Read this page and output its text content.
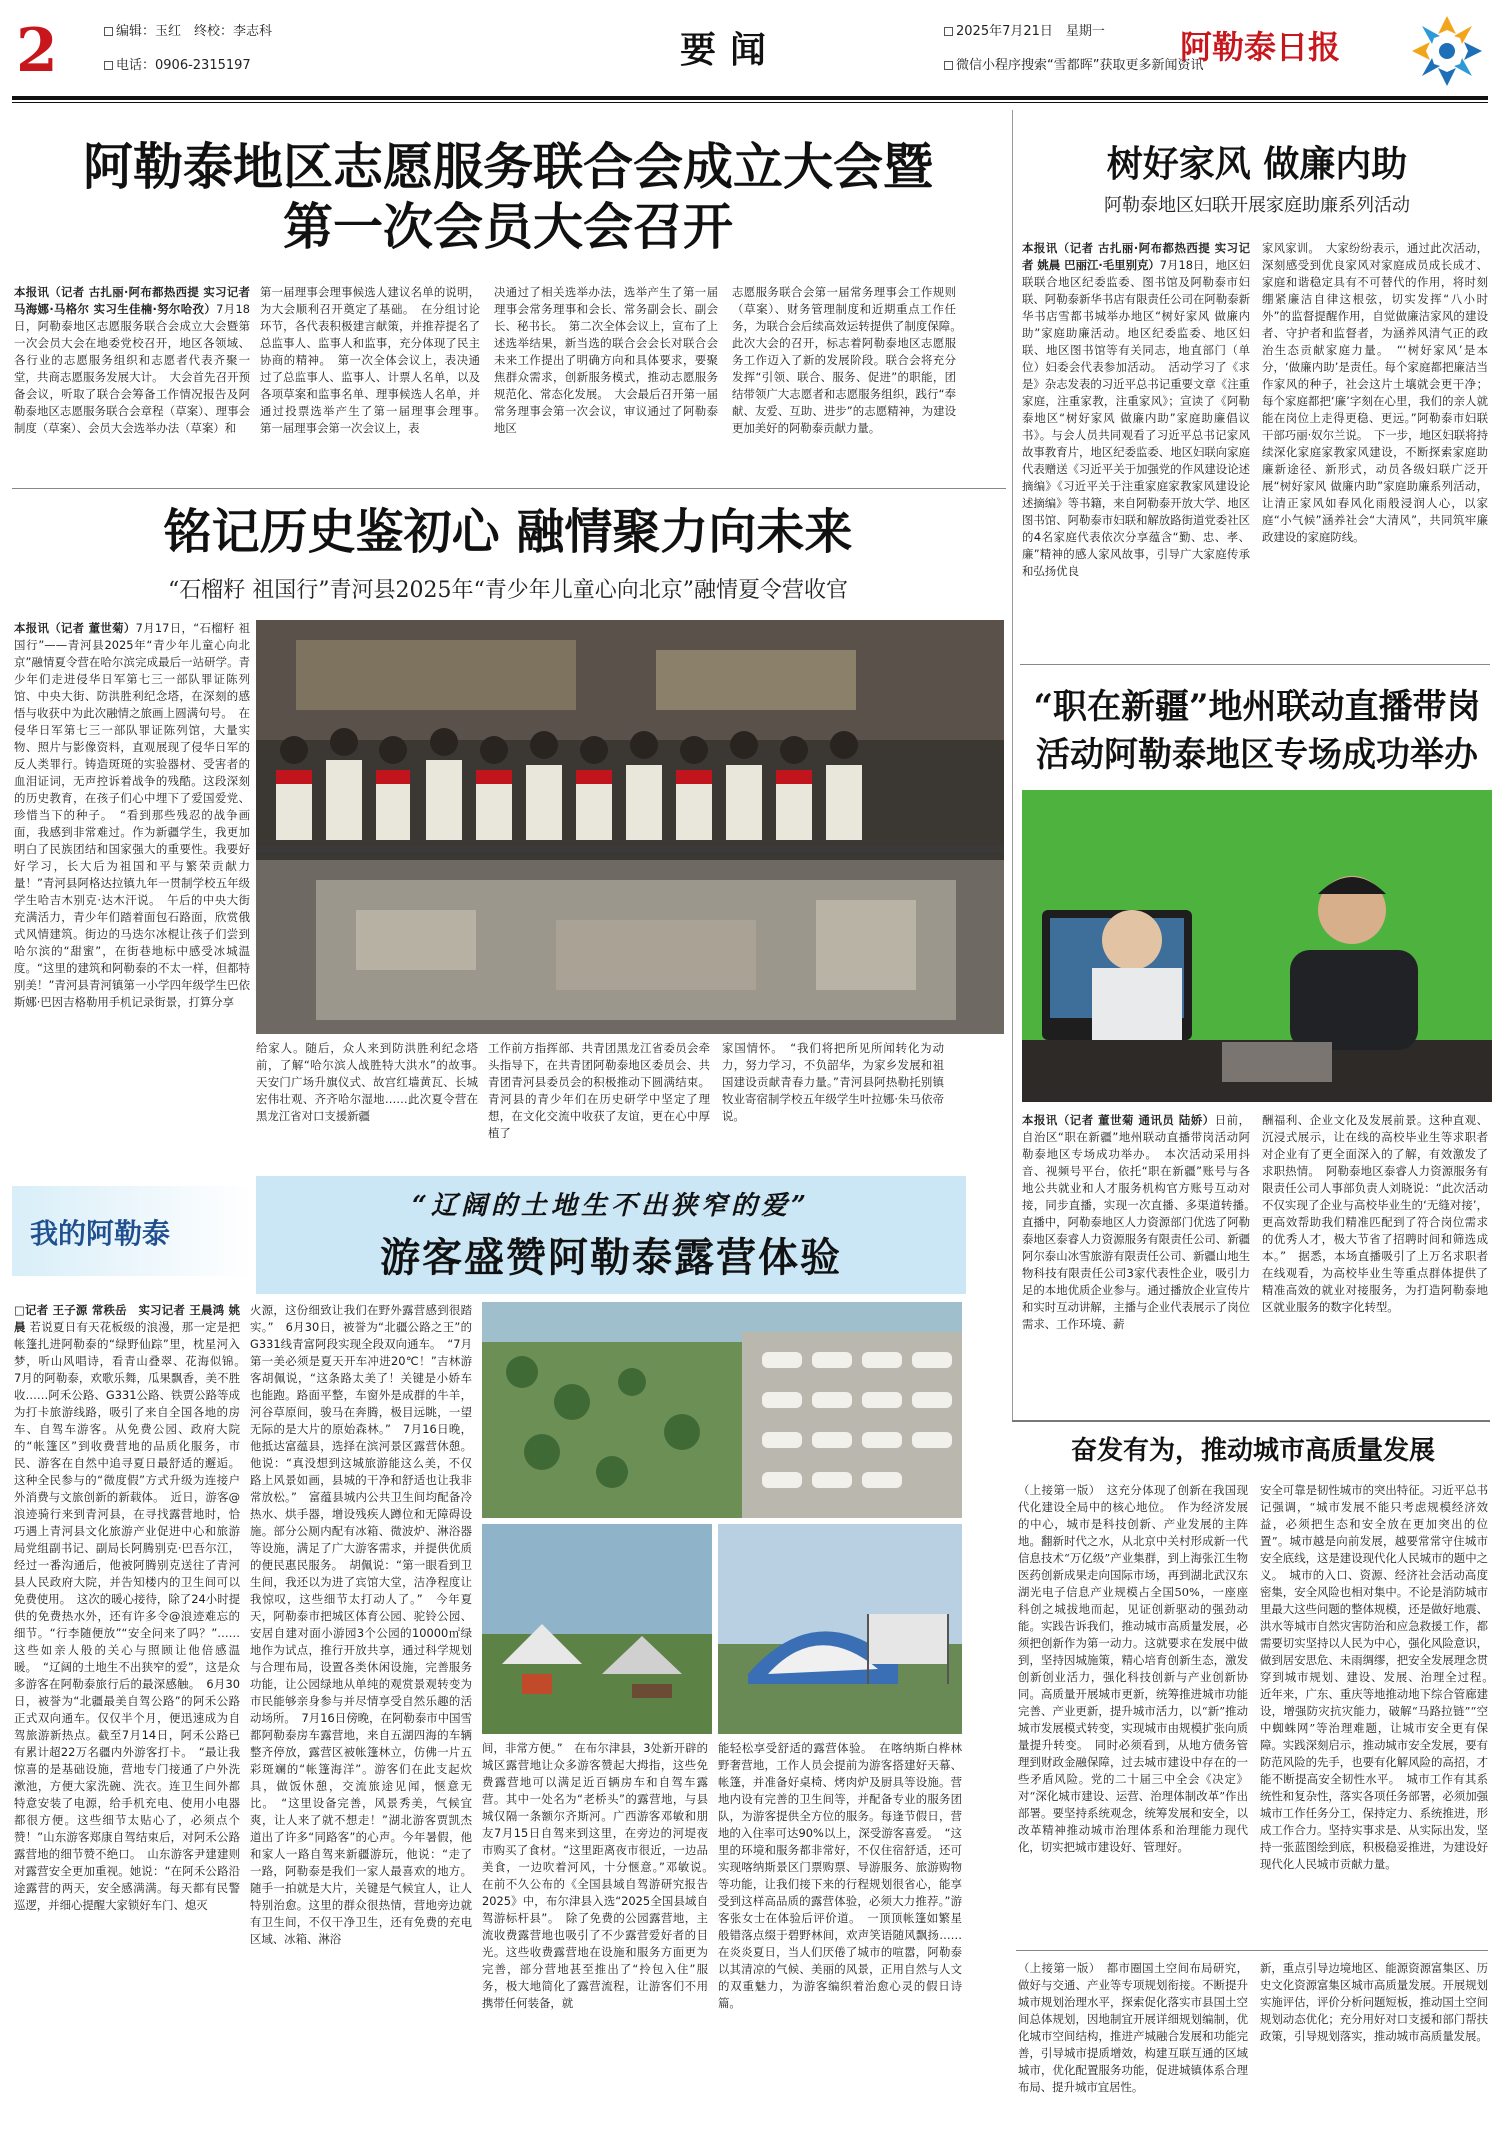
2	编辑：玉红　终校：李志科
电话：0906-2315197	要闻	2025年7月21日　星期一
微信小程序搜索“雪都晖”获取更多新闻资讯
阿勒泰日报
阿勒泰地区志愿服务联合会成立大会暨
第一次会员大会召开
本报讯（记者 古扎丽·阿布都热西提 实习记者 马海娜·马格尔 实习生佳楠·努尔哈孜）7月18日，阿勒泰地区志愿服务联合会成立大会暨第一次会员大会在地委党校召开，地区各领域、各行业的志愿服务组织和志愿者代表齐聚一堂，共商志愿服务发展大计。　大会首先召开预备会议，听取了联合会筹备工作情况报告及阿勒泰地区志愿服务联合会章程（草案）、理事会制度（草案）、会员大会选举办法（草案）和
第一届理事会理事候选人建议名单的说明，为大会顺利召开奠定了基础。　在分组讨论环节，各代表积极建言献策，并推荐提名了总监事人、监事人和监事，充分体现了民主协商的精神。　第一次全体会议上，表决通过了总监事人、监事人、计票人名单，以及各项草案和监事名单、理事候选人名单，并通过投票选举产生了第一届理事会理事。　第一届理事会第一次会议上，表
决通过了相关选举办法，选举产生了第一届理事会常务理事和会长、常务副会长、副会长、秘书长。　第二次全体会议上，宣布了上述选举结果，新当选的联合会会长对联合会未来工作提出了明确方向和具体要求，要聚焦群众需求，创新服务模式，推动志愿服务规范化、常态化发展。　大会最后召开第一届常务理事会第一次会议，审议通过了阿勒泰地区
志愿服务联合会第一届常务理事会工作规则（草案）、财务管理制度和近期重点工作任务，为联合会后续高效运转提供了制度保障。　此次大会的召开，标志着阿勒泰地区志愿服务工作迈入了新的发展阶段。联合会将充分发挥“引领、联合、服务、促进”的职能，团结带领广大志愿者和志愿服务组织，践行“奉献、友爱、互助、进步”的志愿精神，为建设更加美好的阿勒泰贡献力量。
铭记历史鉴初心 融情聚力向未来
“石榴籽 祖国行”青河县2025年“青少年儿童心向北京”融情夏令营收官
本报讯（记者 董世菊）7月17日，“石榴籽 祖国行”——青河县2025年“青少年儿童心向北京”融情夏令营在哈尔滨完成最后一站研学。青少年们走进侵华日军第七三一部队罪证陈列馆、中央大街、防洪胜利纪念塔，在深刻的感悟与收获中为此次融情之旅画上圆满句号。　在侵华日军第七三一部队罪证陈列馆，大量实物、照片与影像资料，直观展现了侵华日军的反人类罪行。铸造斑斑的实验器材、受害者的血泪证词，无声控诉着战争的残酷。这段深刻的历史教育，在孩子们心中埋下了爱国爱党、珍惜当下的种子。　“看到那些残忍的战争画面，我感到非常难过。作为新疆学生，我更加明白了民族团结和国家强大的重要性。我要好好学习，长大后为祖国和平与繁荣贡献力量！”青河县阿格达拉镇九年一贯制学校五年级学生哈吉木别克·达木汗说。　午后的中央大街充满活力，青少年们踏着面包石路面，欣赏俄式风情建筑。街边的马迭尔冰棍让孩子们尝到哈尔滨的“甜蜜”，在街巷地标中感受冰城温度。“这里的建筑和阿勒泰的不太一样，但都特别美！”青河县青河镇第一小学四年级学生巴依斯娜·巴因吉格勒用手机记录街景，打算分享
给家人。随后，众人来到防洪胜利纪念塔前，了解“哈尔滨人战胜特大洪水”的故事。　天安门广场升旗仪式、故宫红墙黄瓦、长城宏伟壮观、齐齐哈尔湿地……此次夏令营在黑龙江省对口支援新疆
工作前方指挥部、共青团黑龙江省委员会牵头指导下，在共青团阿勒泰地区委员会、共青团青河县委员会的积极推动下圆满结束。青河县的青少年们在历史研学中坚定了理想，在文化交流中收获了友谊，更在心中厚植了
家国情怀。　“我们将把所见所闻转化为动力，努力学习，不负韶华，为家乡发展和祖国建设贡献青春力量。”青河县阿热勒托别镇牧业寄宿制学校五年级学生叶拉娜·朱马依帝说。
树好家风 做廉内助
阿勒泰地区妇联开展家庭助廉系列活动
本报讯（记者 古扎丽·阿布都热西提 实习记者 姚晨 巴丽江·毛里别克）7月18日，地区妇联联合地区纪委监委、图书馆及阿勒泰市妇联、阿勒泰新华书店有限责任公司在阿勒泰新华书店雪都书城举办地区“树好家风 做廉内助”家庭助廉活动。地区纪委监委、地区妇联、地区图书馆等有关同志，地直部门（单位）妇委会代表参加活动。　活动学习了《求是》杂志发表的习近平总书记重要文章《注重家庭，注重家教，注重家风》；宣读了《阿勒泰地区“树好家风 做廉内助”家庭助廉倡议书》。与会人员共同观看了习近平总书记家风故事教育片，地区纪委监委、地区妇联向家庭代表赠送《习近平关于加强党的作风建设论述摘编》《习近平关于注重家庭家教家风建设论述摘编》等书籍，来自阿勒泰开放大学、地区图书馆、阿勒泰市妇联和解放路街道党委社区的4名家庭代表依次分享蕴含“勤、忠、孝、廉”精神的感人家风故事，引导广大家庭传承和弘扬优良
家风家训。　大家纷纷表示，通过此次活动，深刻感受到优良家风对家庭成员成长成才、家庭和谐稳定具有不可替代的作用，将时刻绷紧廉洁自律这根弦，切实发挥“八小时外”的监督提醒作用，自觉做廉洁家风的建设者、守护者和监督者，为涵养风清气正的政治生态贡献家庭力量。　“‘树好家风’是本分，‘做廉内助’是责任。每个家庭都把廉洁当作家风的种子，社会这片土壤就会更干净；每个家庭都把‘廉’字刻在心里，我们的亲人就能在岗位上走得更稳、更远。”阿勒泰市妇联干部巧丽·奴尔兰说。　下一步，地区妇联将持续深化家庭家教家风建设，不断探索家庭助廉新途径、新形式，动员各级妇联广泛开展“树好家风 做廉内助”家庭助廉系列活动，让清正家风如春风化雨般浸润人心，以家庭“小气候”涵养社会“大清风”，共同筑牢廉政建设的家庭防线。
“职在新疆”地州联动直播带岗
活动阿勒泰地区专场成功举办
本报讯（记者 董世菊 通讯员 陆娇）日前，自治区“职在新疆”地州联动直播带岗活动阿勒泰地区专场成功举办。　本次活动采用抖音、视频号平台，依托“职在新疆”账号与各地公共就业和人才服务机构官方账号互动对接，同步直播，实现一次直播、多渠道转播。　直播中，阿勒泰地区人力资源部门优选了阿勒泰地区泰睿人力资源服务有限责任公司、新疆阿尔泰山冰雪旅游有限责任公司、新疆山地生物科技有限责任公司3家代表性企业，吸引力足的本地优质企业参与。通过播放企业宣传片和实时互动讲解，主播与企业代表展示了岗位需求、工作环境、薪
酬福利、企业文化及发展前景。这种直观、沉浸式展示，让在线的高校毕业生等求职者对企业有了更全面深入的了解，有效激发了求职热情。　阿勒泰地区泰睿人力资源服务有限责任公司人事部负责人刘晓说：“此次活动不仅实现了企业与高校毕业生的‘无缝对接’，更高效帮助我们精准匹配到了符合岗位需求的优秀人才，极大节省了招聘时间和筛选成本。”　据悉，本场直播吸引了上万名求职者在线观看，为高校毕业生等重点群体提供了精准高效的就业对接服务，为打造阿勒泰地区就业服务的数字化转型。
我的阿勒泰
“辽阔的土地生不出狭窄的爱”
游客盛赞阿勒泰露营体验
□记者 王子源 常秩岳　实习记者 王晨鸿 姚晨 若说夏日有天花板级的浪漫，那一定是把帐篷扎进阿勒泰的“绿野仙踪”里，枕星河入梦，听山风唱诗，看青山叠翠、花海似锦。　7月的阿勒泰，欢歌乐舞，瓜果飘香，美不胜收……阿禾公路、G331公路、铁贾公路等成为打卡旅游线路，吸引了来自全国各地的房车、自驾车游客。从免费公园、政府大院的“帐篷区”到收费营地的品质化服务，市民、游客在自然中追寻夏日最舒适的邂逅。这种全民参与的“微度假”方式升级为连接户外消费与文旅创新的新载体。　近日，游客@浪迹骑行来到青河县，在寻找露营地时，恰巧遇上青河县文化旅游产业促进中心和旅游局党组副书记、副局长阿腾别克·巴吾尔江，经过一番沟通后，他被阿腾别克送往了青河县人民政府大院，并告知楼内的卫生间可以免费使用。　这次的暖心接待，除了24小时提供的免费热水外，还有许多令@浪迹难忘的细节。“行李随便放”“安全问来了吗？”……这些如亲人般的关心与照顾让他倍感温暖。　“辽阔的土地生不出狭窄的爱”，这是众多游客在阿勒泰旅行后的最深感触。　6月30日，被誉为“北疆最美自驾公路”的阿禾公路正式双向通车。仅仅半个月，便迅速成为自驾旅游新热点。截至7月14日，阿禾公路已有累计超22万名疆内外游客打卡。　“最让我惊喜的是基础设施，营地专门接通了户外洗漱池，方便大家洗碗、洗衣。连卫生间外都特意安装了电源，给手机充电、使用小电器都很方便。这些细节太贴心了，必须点个赞！”山东游客郑康自驾结束后，对阿禾公路露营地的细节赞不绝口。　山东游客尹建建则对露营安全更加重视。她说：“在阿禾公路沿途露营的两天，安全感满满。每天都有民警巡逻，并细心提醒大家锁好车门、熄灭
火源，这份细致让我们在野外露营感到很踏实。”　6月30日，被誉为“北疆公路之王”的G331线青富阿段实现全段双向通车。　“7月第一美必须是夏天开车冲进20℃！”吉林游客胡佩说，“这条路太美了！关键是小娇车也能跑。路面平整，车窗外是成群的牛羊，河谷草原间，骏马在奔腾，极目远眺，一望无际的是大片的原始森林。”　7月16日晚，他抵达富蕴县，选择在滨河景区露营休憩。他说：“真没想到这城旅游能这么美，不仅路上风景如画，县城的干净和舒适也让我非常放松。”　富蕴县城内公共卫生间均配备冷热水、烘手器，增设残疾人蹲位和无障碍设施。部分公厕内配有冰箱、微波炉、淋浴器等设施，满足了广大游客需求，并提供优质的便民惠民服务。　胡佩说：“第一眼看到卫生间，我还以为进了宾馆大堂，洁净程度让我惊叹，这些细节太打动人了。”　今年夏天，阿勒泰市把城区体育公园、驼铃公园、安居自建对面小游园3个公园的10000㎡绿地作为试点，推行开放共享，通过科学规划与合理布局，设置各类休闲设施，完善服务功能，让公园绿地从单纯的观赏景观转变为市民能够亲身参与并尽情享受自然乐趣的活动场所。　7月16日傍晚，在阿勒泰市中国雪都阿勒泰房车露营地，来自五湖四海的车辆整齐停放，露营区被帐篷林立，仿佛一片五彩斑斓的“帐篷海洋”。游客们在此支起炊具，做饭休憩，交流旅途见闻，惬意无比。　“这里设备完善，风景秀美，气候宜爽，让人来了就不想走！”湖北游客贾凯杰道出了许多“同路客”的心声。今年暑假，他和家人一路自驾来新疆游玩，他说：“走了一路，阿勒泰是我们一家人最喜欢的地方。随手一拍就是大片，关键是气候宜人，让人特别治愈。这里的群众很热情，营地旁边就有卫生间，不仅干净卫生，还有免费的充电区域、冰箱、淋浴
间，非常方便。”　在布尔津县，3处新开辟的城区露营地让众多游客赞起大拇指，这些免费露营地可以满足近百辆房车和自驾车露营。其中一处名为“老桥头”的露营地，与县城仅隔一条额尔齐斯河。广西游客邓敏和朋友7月15日自驾来到这里，在旁边的河堤夜市购买了食材。“这里距离夜市很近，一边品美食，一边吹着河风，十分惬意。”邓敏说。　在前不久公布的《全国县域自驾游研究报告2025》中，布尔津县入选“2025全国县域自驾游标杆县”。　除了免费的公园露营地，主流收费露营地也吸引了不少露营爱好者的目光。这些收费露营地在设施和服务方面更为完善，部分营地甚至推出了“拎包入住”服务，极大地简化了露营流程，让游客们不用携带任何装备，就
能轻松享受舒适的露营体验。　在喀纳斯白桦林野奢营地，工作人员会提前为游客搭建好天幕、帐篷，并准备好桌椅、烤肉炉及厨具等设施。营地内设有完善的卫生间等，并配备专业的服务团队，为游客提供全方位的服务。每逢节假日，营地的入住率可达90%以上，深受游客喜爱。　“这里的环境和服务都非常好，不仅住宿舒适，还可实现喀纳斯景区门票购票、导游服务、旅游购物等功能，让我们接下来的行程规划很省心，能享受到这样高品质的露营体验，必须大力推荐。”游客张女士在体验后评价道。　一顶顶帐篷如繁星般错落点缀于碧野林间，欢声笑语随风飘扬……在炎炎夏日，当人们厌倦了城市的喧嚣，阿勒泰以其清凉的气候、美丽的风景，正用自然与人文的双重魅力，为游客编织着治愈心灵的假日诗篇。
奋发有为，推动城市高质量发展
（上接第一版）　这充分体现了创新在我国现代化建设全局中的核心地位。　作为经济发展的中心，城市是科技创新、产业发展的主阵地。翻新时代之水，从北京中关村形成新一代信息技术“万亿级”产业集群，到上海张江生物医药创新成果走向国际市场，再到湖北武汉东湖光电子信息产业规模占全国50%，一座座科创之城拔地而起，见证创新驱动的强劲动能。实践告诉我们，推动城市高质量发展，必须把创新作为第一动力。这就要求在发展中做到，坚持因城施策，精心培育创新生态，激发创新创业活力，强化科技创新与产业创新协同。高质量开展城市更新，统筹推进城市功能完善、产业更新，提升城市活力，以“新”推动城市发展模式转变，实现城市由规模扩张向质量提升转变。　同时必须看到，从地方债务管理到财政金融保障，过去城市建设中存在的一些矛盾风险。党的二十届三中全会《决定》对“深化城市建设、运营、治理体制改革”作出部署。要坚持系统观念，统筹发展和安全，以改革精神推动城市治理体系和治理能力现代化，切实把城市建设好、管理好。
安全可靠是韧性城市的突出特征。习近平总书记强调，“城市发展不能只考虑规模经济效益，必须把生态和安全放在更加突出的位置”。城市越是向前发展，越要常常守住城市安全底线，这是建设现代化人民城市的题中之义。　城市的入口、资源、经济社会活动高度密集，安全风险也相对集中。不论是消防城市里最大这些问题的整体规模，还是做好地震、洪水等城市自然灾害防治和应急救援工作，都需要切实坚持以人民为中心，强化风险意识，做到居安思危、未雨绸缪，把安全发展理念贯穿到城市规划、建设、发展、治理全过程。　近年来，广东、重庆等地推动地下综合管廊建设，增强防灾抗灾能力，破解“马路拉链”“空中蜘蛛网”等治理难题，让城市安全更有保障。实践深刻启示，推动城市安全发展，要有防范风险的先手，也要有化解风险的高招，才能不断提高安全韧性水平。　城市工作有其系统性和复杂性，落实各项任务部署，必须加强城市工作任务分工，保持定力、系统推进，形成工作合力。坚持实事求是、从实际出发，坚持一张蓝图绘到底，积极稳妥推进，为建设好现代化人民城市贡献力量。
（上接第一版）　都市圈国土空间布局研究，做好与交通、产业等专项规划衔接。不断提升城市规划治理水平，探索促化落实市县国土空间总体规划，因地制宜开展详细规划编制，优化城市空间结构，推进产城融合发展和功能完善，引导城市提质增效，构建互联互通的区域城市，优化配置服务功能，促进城镇体系合理布局、提升城市宜居性。
新，重点引导边境地区、能源资源富集区、历史文化资源富集区城市高质量发展。开展规划实施评估，评价分析问题短板，推动国土空间规划动态优化；充分用好对口支援和部门帮扶政策，引导规划落实，推动城市高质量发展。
